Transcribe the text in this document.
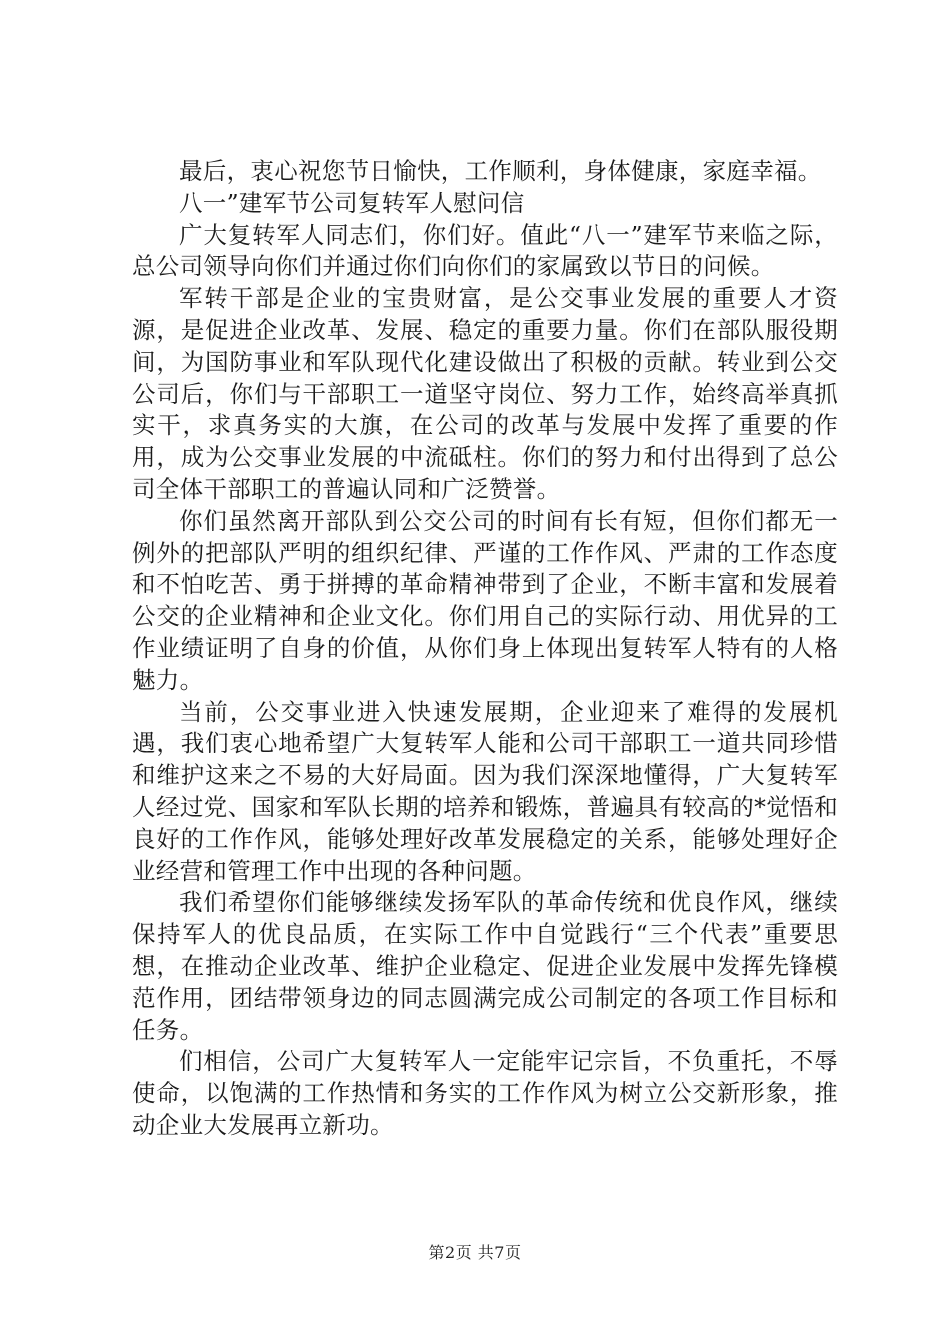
最后，衷心祝您节日愉快，工作顺利，身体健康，家庭幸福。

八一”建军节公司复转军人慰问信

广大复转军人同志们，你们好。值此“八一”建军节来临之际，总公司领导向你们并通过你们向你们的家属致以节日的问候。

军转干部是企业的宝贵财富，是公交事业发展的重要人才资源，是促进企业改革、发展、稳定的重要力量。你们在部队服役期间，为国防事业和军队现代化建设做出了积极的贡献。转业到公交公司后，你们与干部职工一道坚守岗位、努力工作，始终高举真抓实干，求真务实的大旗，在公司的改革与发展中发挥了重要的作用，成为公交事业发展的中流砥柱。你们的努力和付出得到了总公司全体干部职工的普遍认同和广泛赞誉。

你们虽然离开部队到公交公司的时间有长有短，但你们都无一例外的把部队严明的组织纪律、严谨的工作作风、严肃的工作态度和不怕吃苦、勇于拼搏的革命精神带到了企业，不断丰富和发展着公交的企业精神和企业文化。你们用自己的实际行动、用优异的工作业绩证明了自身的价值，从你们身上体现出复转军人特有的人格魅力。

当前，公交事业进入快速发展期，企业迎来了难得的发展机遇，我们衷心地希望广大复转军人能和公司干部职工一道共同珍惜和维护这来之不易的大好局面。因为我们深深地懂得，广大复转军人经过党、国家和军队长期的培养和锻炼，普遍具有较高的*觉悟和良好的工作作风，能够处理好改革发展稳定的关系，能够处理好企业经营和管理工作中出现的各种问题。

我们希望你们能够继续发扬军队的革命传统和优良作风，继续保持军人的优良品质，在实际工作中自觉践行“三个代表”重要思想，在推动企业改革、维护企业稳定、促进企业发展中发挥先锋模范作用，团结带领身边的同志圆满完成公司制定的各项工作目标和任务。

们相信，公司广大复转军人一定能牢记宗旨，不负重托，不辱使命，以饱满的工作热情和务实的工作作风为树立公交新形象，推动企业大发展再立新功。

第2页 共7页
